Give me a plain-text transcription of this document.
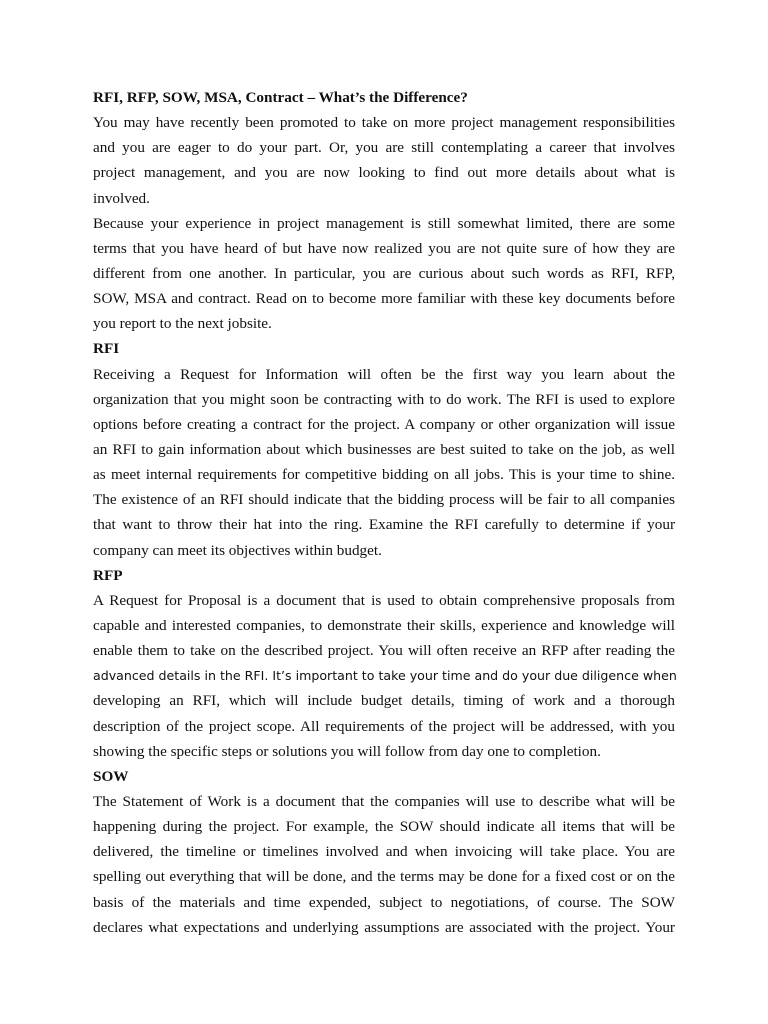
RFI, RFP, SOW, MSA, Contract – What’s the Difference?
You may have recently been promoted to take on more project management responsibilities
and you are eager to do your part. Or, you are still contemplating a career that involves
project management, and you are now looking to find out more details about what is
involved.
Because your experience in project management is still somewhat limited, there are some
terms that you have heard of but have now realized you are not quite sure of how they are
different from one another. In particular, you are curious about such words as RFI, RFP,
SOW, MSA and contract. Read on to become more familiar with these key documents before
you report to the next jobsite.
RFI
Receiving a Request for Information will often be the first way you learn about the
organization that you might soon be contracting with to do work. The RFI is used to explore
options before creating a contract for the project. A company or other organization will issue
an RFI to gain information about which businesses are best suited to take on the job, as well
as meet internal requirements for competitive bidding on all jobs. This is your time to shine.
The existence of an RFI should indicate that the bidding process will be fair to all companies
that want to throw their hat into the ring. Examine the RFI carefully to determine if your
company can meet its objectives within budget.
RFP
A Request for Proposal is a document that is used to obtain comprehensive proposals from
capable and interested companies, to demonstrate their skills, experience and knowledge will
enable them to take on the described project. You will often receive an RFP after reading the
advanced details in the RFI. It’s important to take your time and do your due diligence when
developing an RFI, which will include budget details, timing of work and a thorough
description of the project scope. All requirements of the project will be addressed, with you
showing the specific steps or solutions you will follow from day one to completion.
SOW
The Statement of Work is a document that the companies will use to describe what will be
happening during the project. For example, the SOW should indicate all items that will be
delivered, the timeline or timelines involved and when invoicing will take place. You are
spelling out everything that will be done, and the terms may be done for a fixed cost or on the
basis of the materials and time expended, subject to negotiations, of course. The SOW
declares what expectations and underlying assumptions are associated with the project. Your
